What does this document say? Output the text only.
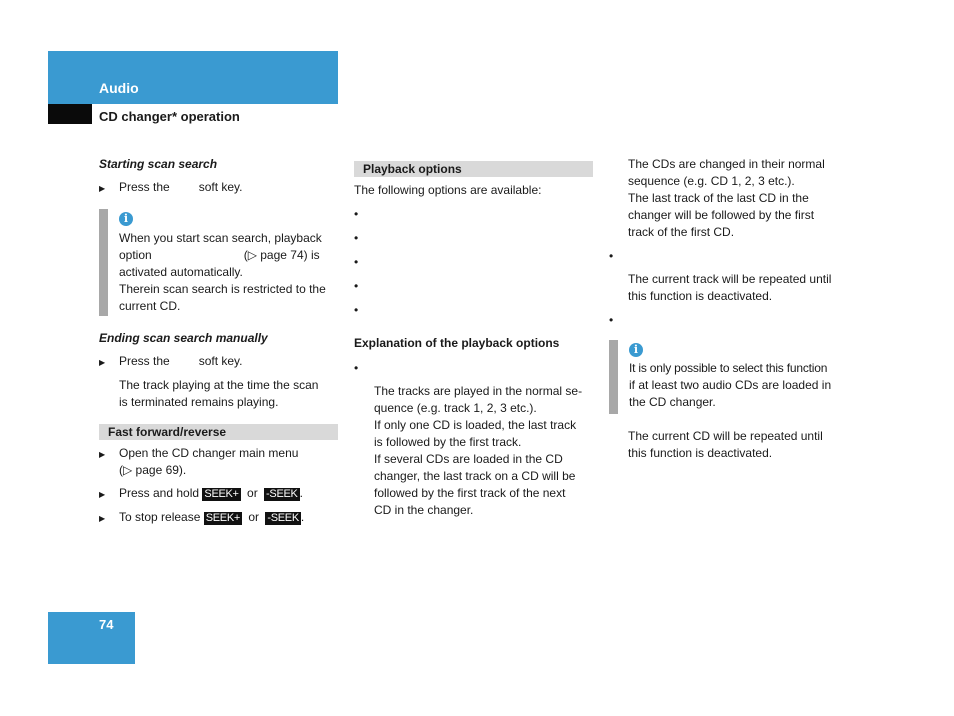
Audio
CD changer* operation
Starting scan search
▶ Press the soft key.
i
When you start scan search, playback
option	(▷ page 74) is
activated automatically.
Therein scan search is restricted to the
current CD.
Ending scan search manually
▶ Press the soft key.
The track playing at the time the scan
is terminated remains playing.
Fast forward/reverse
▶ Open the CD changer main menu
(▷ page 69).
▶ Press and hold SEEK+ or -SEEK .
▶ To stop release SEEK+ or -SEEK .
Playback options
The following options are available:
•
•
•
•
•
Explanation of the playback options
•
The tracks are played in the normal se-
quence (e.g. track 1, 2, 3 etc.).
If only one CD is loaded, the last track
is followed by the first track.
If several CDs are loaded in the CD
changer, the last track on a CD will be
followed by the first track of the next
CD in the changer.
The CDs are changed in their normal
sequence (e.g. CD 1, 2, 3 etc.).
The last track of the last CD in the
changer will be followed by the first
track of the first CD.
•
The current track will be repeated until
this function is deactivated.
•
i
It is only possible to select this function
if at least two audio CDs are loaded in
the CD changer.
The current CD will be repeated until
this function is deactivated.
74
